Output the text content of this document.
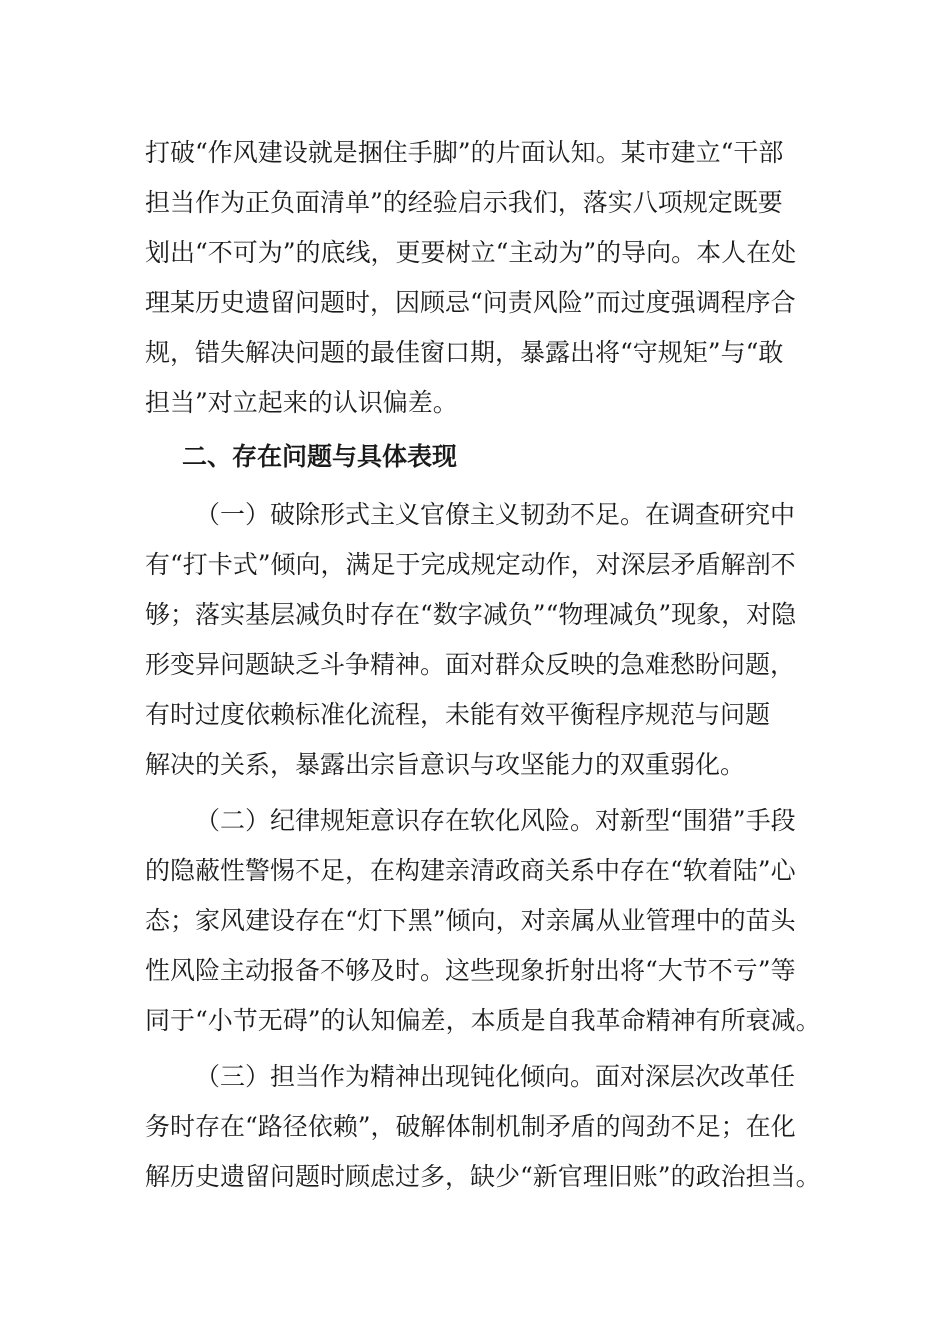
打破“作风建设就是捆住手脚”的片面认知。某市建立“干部
担当作为正负面清单”的经验启示我们，落实八项规定既要
划出“不可为”的底线，更要树立“主动为”的导向。本人在处
理某历史遗留问题时，因顾忌“问责风险”而过度强调程序合
规，错失解决问题的最佳窗口期，暴露出将“守规矩”与“敢
担当”对立起来的认识偏差。
二、存在问题与具体表现
（一）破除形式主义官僚主义韧劲不足。在调查研究中
有“打卡式”倾向，满足于完成规定动作，对深层矛盾解剖不
够；落实基层减负时存在“数字减负”“物理减负”现象，对隐
形变异问题缺乏斗争精神。面对群众反映的急难愁盼问题，
有时过度依赖标准化流程，未能有效平衡程序规范与问题
解决的关系，暴露出宗旨意识与攻坚能力的双重弱化。
（二）纪律规矩意识存在软化风险。对新型“围猎”手段
的隐蔽性警惕不足，在构建亲清政商关系中存在“软着陆”心
态；家风建设存在“灯下黑”倾向，对亲属从业管理中的苗头
性风险主动报备不够及时。这些现象折射出将“大节不亏”等
同于“小节无碍”的认知偏差，本质是自我革命精神有所衰减。
（三）担当作为精神出现钝化倾向。面对深层次改革任
务时存在“路径依赖”，破解体制机制矛盾的闯劲不足；在化
解历史遗留问题时顾虑过多，缺少“新官理旧账”的政治担当。
